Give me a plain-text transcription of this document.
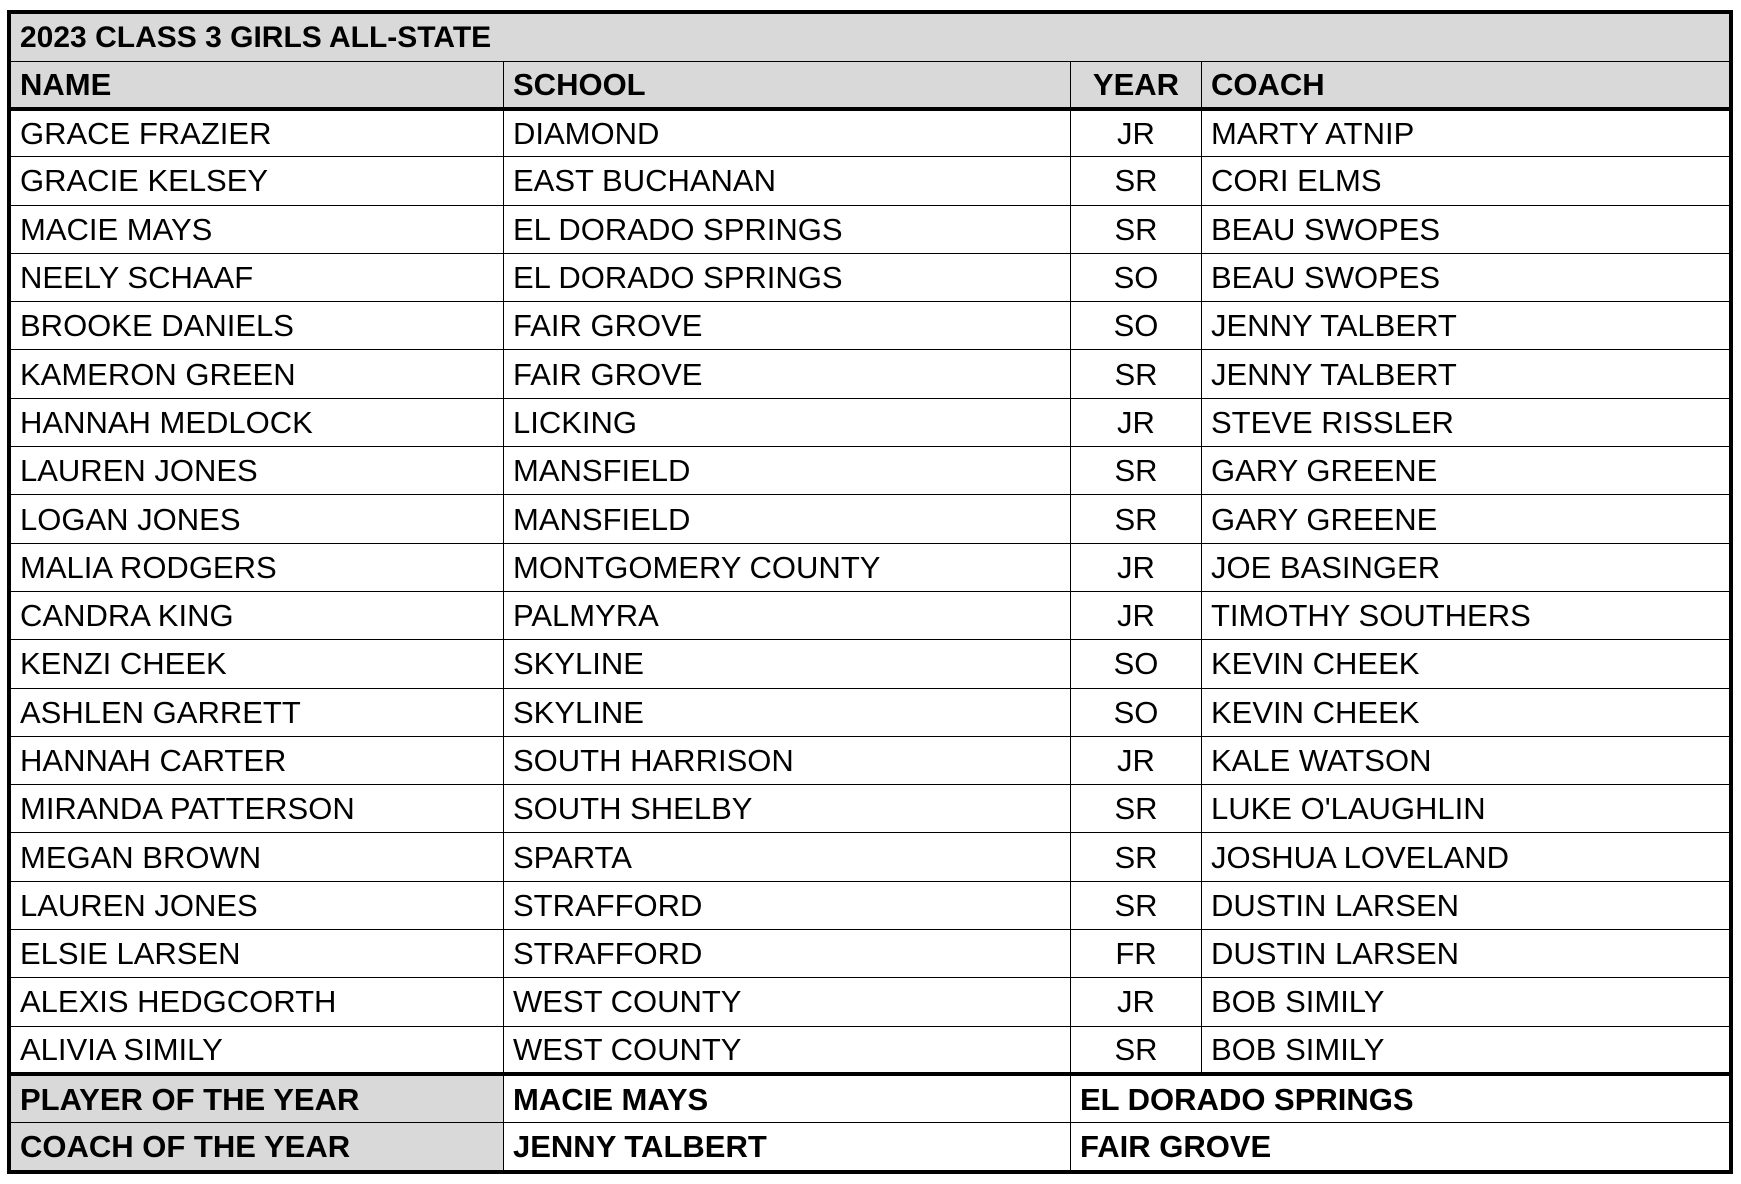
2023 CLASS 3 GIRLS ALL-STATE			
NAME	SCHOOL	YEAR	COACH
GRACE FRAZIER	DIAMOND	JR	MARTY ATNIP
GRACIE KELSEY	EAST BUCHANAN	SR	CORI ELMS
MACIE MAYS	EL DORADO SPRINGS	SR	BEAU SWOPES
NEELY SCHAAF	EL DORADO SPRINGS	SO	BEAU SWOPES
BROOKE DANIELS	FAIR GROVE	SO	JENNY TALBERT
KAMERON GREEN	FAIR GROVE	SR	JENNY TALBERT
HANNAH MEDLOCK	LICKING	JR	STEVE RISSLER
LAUREN JONES	MANSFIELD	SR	GARY GREENE
LOGAN JONES	MANSFIELD	SR	GARY GREENE
MALIA RODGERS	MONTGOMERY COUNTY	JR	JOE BASINGER
CANDRA KING	PALMYRA	JR	TIMOTHY SOUTHERS
KENZI CHEEK	SKYLINE	SO	KEVIN CHEEK
ASHLEN GARRETT	SKYLINE	SO	KEVIN CHEEK
HANNAH CARTER	SOUTH HARRISON	JR	KALE WATSON
MIRANDA PATTERSON	SOUTH SHELBY	SR	LUKE O'LAUGHLIN
MEGAN BROWN	SPARTA	SR	JOSHUA LOVELAND
LAUREN JONES	STRAFFORD	SR	DUSTIN LARSEN
ELSIE LARSEN	STRAFFORD	FR	DUSTIN LARSEN
ALEXIS HEDGCORTH	WEST COUNTY	JR	BOB SIMILY
ALIVIA SIMILY	WEST COUNTY	SR	BOB SIMILY
PLAYER OF THE YEAR	MACIE MAYS	EL DORADO SPRINGS	
COACH OF THE YEAR	JENNY TALBERT	FAIR GROVE	
